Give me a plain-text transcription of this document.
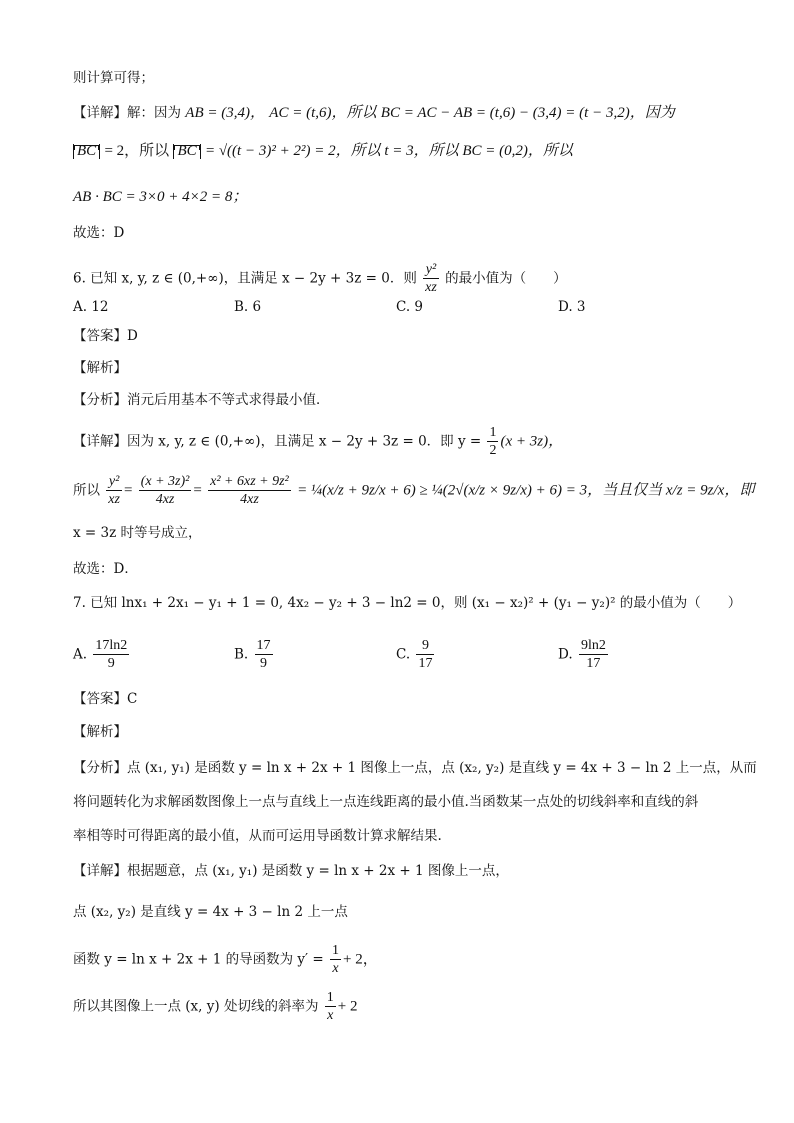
则计算可得；
【详解】解：因为 AB = (3,4)， AC = (t,6)，所以 BC = AC − AB = (t,6) − (3,4) = (t − 3,2)，因为
BC = 2，所以 BC = √((t − 3)² + 2²) = 2，所以 t = 3，所以 BC = (0,2)，所以
AB · BC = 3×0 + 4×2 = 8；
故选：D
6. 已知 x, y, z ∈ (0,+∞)，且满足 x − 2y + 3z = 0．则 $\frac{\text{y²}}{xz}$ 的最小值为（　　）
A. 12	B. 6	C. 9	D. 3
【答案】D
【解析】
【分析】消元后用基本不等式求得最小值．
【详解】因为 x, y, z ∈ (0,+∞)，且满足 x − 2y + 3z = 0．即 $y = \frac{1}{2} (x + 3z)$，
所以 $\frac{\text{y²}}{xz} = \frac{\text{(x + 3z)²}}{4xz} = \frac{\text{x² + 6xz + 9z²}}{4xz}$ = ¼(x/z + 9z/x + 6) ≥ ¼(2√(x/z × 9z/x) + 6) = 3，当且仅当 x/z = 9z/x，即
x = 3z 时等号成立，
故选：D．
7. 已知 lnx₁ + 2x₁ − y₁ + 1 = 0, 4x₂ − y₂ + 3 − ln2 = 0，则 (x₁ − x₂)² + (y₁ − y₂)² 的最小值为（　　）
A. $\frac{17\ln 2}{9}$	B. $\frac{17}{9}$	C. $\frac{9}{17}$	D. $\frac{9\ln 2}{17}$
【答案】C
【解析】
【分析】点 (x₁, y₁) 是函数 y = ln x + 2x + 1 图像上一点，点 (x₂, y₂) 是直线 y = 4x + 3 − ln 2 上一点，从而
将问题转化为求解函数图像上一点与直线上一点连线距离的最小值.当函数某一点处的切线斜率和直线的斜
率相等时可得距离的最小值，从而可运用导函数计算求解结果.
【详解】根据题意，点 (x₁, y₁) 是函数 y = ln x + 2x + 1 图像上一点，
点 (x₂, y₂) 是直线 y = 4x + 3 − ln 2 上一点
函数 y = ln x + 2x + 1 的导函数为 $y' = \frac{1}{x} + 2$，
所以其图像上一点 (x, y) 处切线的斜率为 $\frac{1}{x} + 2$
